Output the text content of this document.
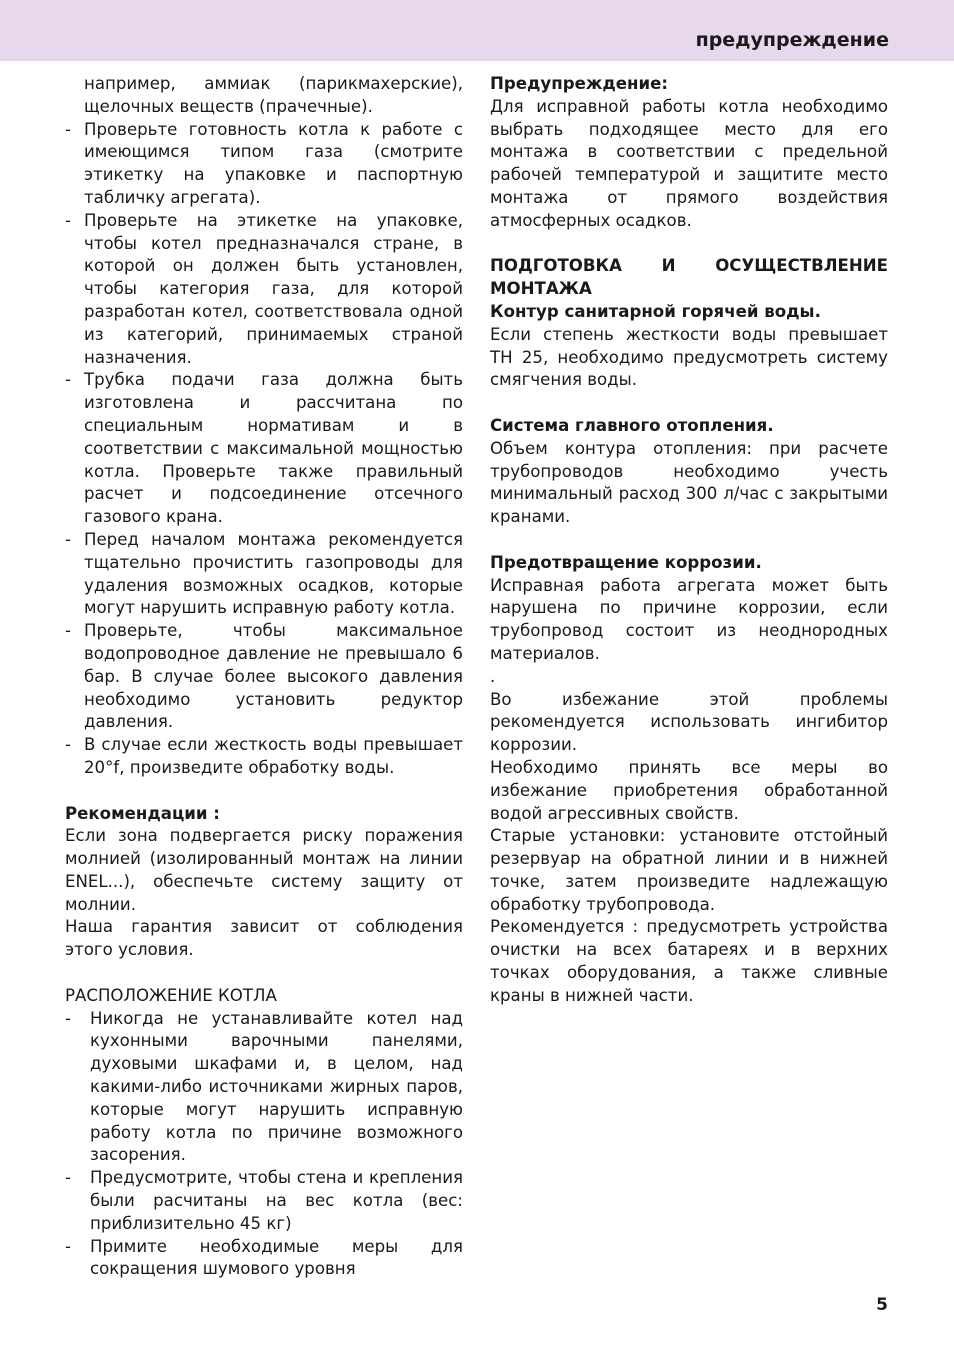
предупреждение

например, аммиак (парикмахерские), щелочных веществ (прачечные).

- Проверьте готовность котла к работе с имеющимся типом газа (смотрите этикетку на упаковке и паспортную табличку агрегата).
- Проверьте на этикетке на упаковке, чтобы котел предназначался стране, в которой он должен быть установлен, чтобы категория газа, для которой разработан котел, соответствовала одной из категорий, принимаемых страной назначения.
- Трубка подачи газа должна быть изготовлена и рассчитана по специальным нормативам и в соответствии с максимальной мощностью котла. Проверьте также правильный расчет и подсоединение отсечного газового крана.
- Перед началом монтажа рекомендуется тщательно прочистить газопроводы для удаления возможных осадков, которые могут нарушить исправную работу котла.
- Проверьте, чтобы максимальное водопроводное давление не превышало 6 бар. В случае более высокого давления необходимо установить редуктор давления.
- В случае если жесткость воды превышает 20°f, произведите обработку воды.

Рекомендации :

Если зона подвергается риску поражения молнией (изолированный монтаж на линии ENEL...), обеспечьте систему защиту от молнии.

Наша гарантия зависит от соблюдения этого условия.

РАСПОЛОЖЕНИЕ КОТЛА

- Никогда не устанавливайте котел над кухонными варочными панелями, духовыми шкафами и, в целом, над какими-либо источниками жирных паров, которые могут нарушить исправную работу котла по причине возможного засорения.
- Предусмотрите, чтобы стена и крепления были расчитаны на вес котла (вес: приблизительно 45 кг)
- Примите необходимые меры для сокращения шумового уровня

Предупреждение:

Для исправной работы котла необходимо выбрать подходящее место для его монтажа в соответствии с предельной рабочей температурой и защитите место монтажа от прямого воздействия атмосферных осадков.

ПОДГОТОВКА И ОСУЩЕСТВЛЕНИЕ МОНТАЖА

Контур санитарной горячей воды.

Если степень жесткости воды превышает ТН 25, необходимо предусмотреть систему смягчения воды.

Система главного отопления.

Объем контура отопления: при расчете трубопроводов необходимо учесть минимальный расход 300 л/час с закрытыми кранами.

Предотвращение коррозии.

Исправная работа агрегата может быть нарушена по причине коррозии, если трубопровод состоит из неоднородных материалов.

.

Во избежание этой проблемы рекомендуется использовать ингибитор коррозии.

Необходимо принять все меры во избежание приобретения обработанной водой агрессивных свойств.

Старые установки: установите отстойный резервуар на обратной линии и в нижней точке, затем произведите надлежащую обработку трубопровода.

Рекомендуется : предусмотреть устройства очистки на всех батареях и в верхних точках оборудования, а также сливные краны в нижней части.

5
